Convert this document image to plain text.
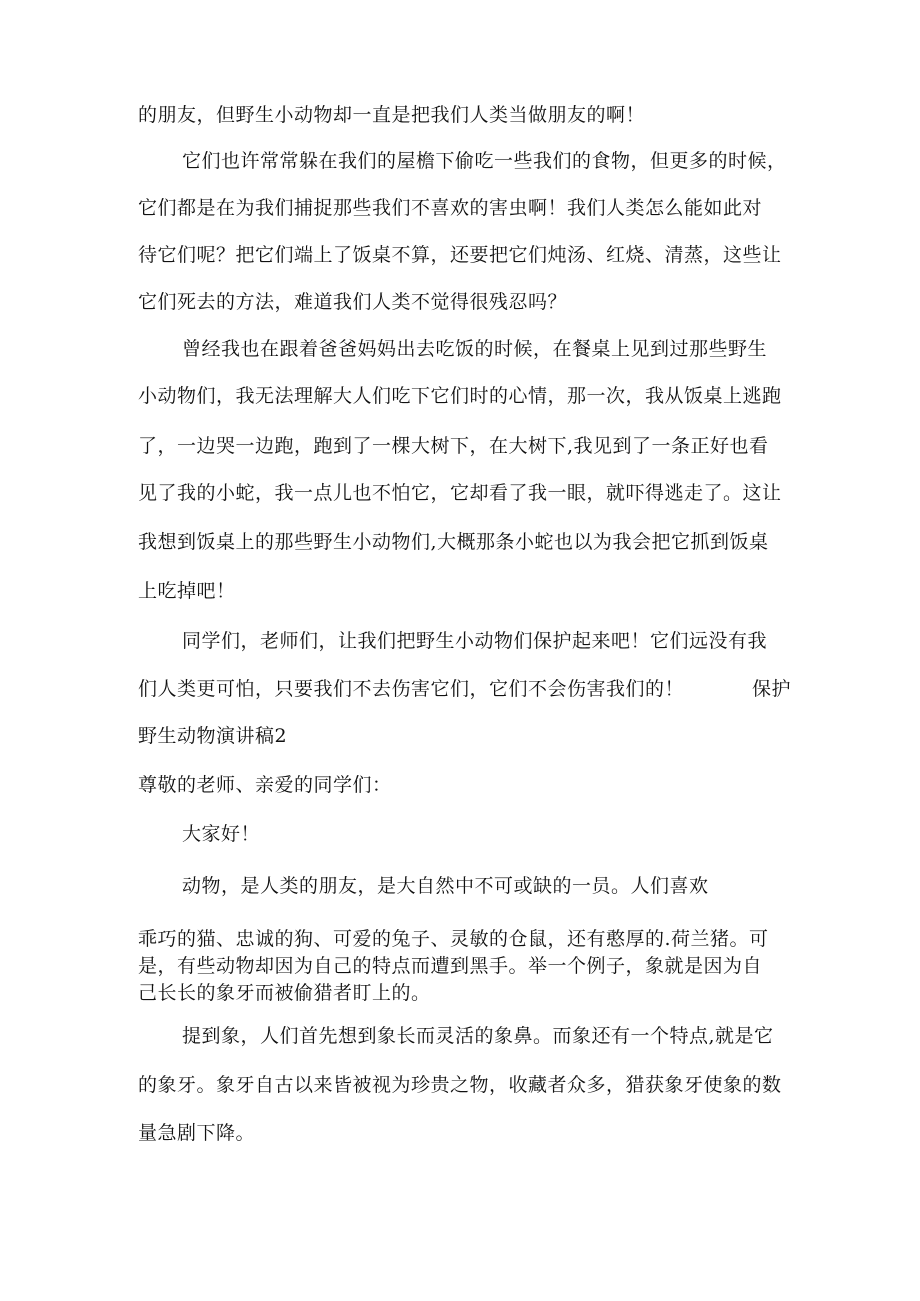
的朋友，但野生小动物却一直是把我们人类当做朋友的啊！
它们也许常常躲在我们的屋檐下偷吃一些我们的食物，但更多的时候，
它们都是在为我们捕捉那些我们不喜欢的害虫啊！我们人类怎么能如此对
待它们呢？把它们端上了饭桌不算，还要把它们炖汤、红烧、清蒸，这些让
它们死去的方法，难道我们人类不觉得很残忍吗？
曾经我也在跟着爸爸妈妈出去吃饭的时候，在餐桌上见到过那些野生
小动物们，我无法理解大人们吃下它们时的心情，那一次，我从饭桌上逃跑
了，一边哭一边跑，跑到了一棵大树下，在大树下,我见到了一条正好也看
见了我的小蛇，我一点儿也不怕它，它却看了我一眼，就吓得逃走了。这让
我想到饭桌上的那些野生小动物们,大概那条小蛇也以为我会把它抓到饭桌
上吃掉吧！
同学们，老师们，让我们把野生小动物们保护起来吧！它们远没有我
们人类更可怕，只要我们不去伤害它们，它们不会伤害我们的！	保护
野生动物演讲稿2
尊敬的老师、亲爱的同学们：
大家好！
动物，是人类的朋友，是大自然中不可或缺的一员。人们喜欢
乖巧的猫、忠诚的狗、可爱的兔子、灵敏的仓鼠，还有憨厚的.荷兰猪。可
是，有些动物却因为自己的特点而遭到黑手。举一个例子，象就是因为自
己长长的象牙而被偷猎者盯上的。
提到象，人们首先想到象长而灵活的象鼻。而象还有一个特点,就是它
的象牙。象牙自古以来皆被视为珍贵之物，收藏者众多，猎获象牙使象的数
量急剧下降。
